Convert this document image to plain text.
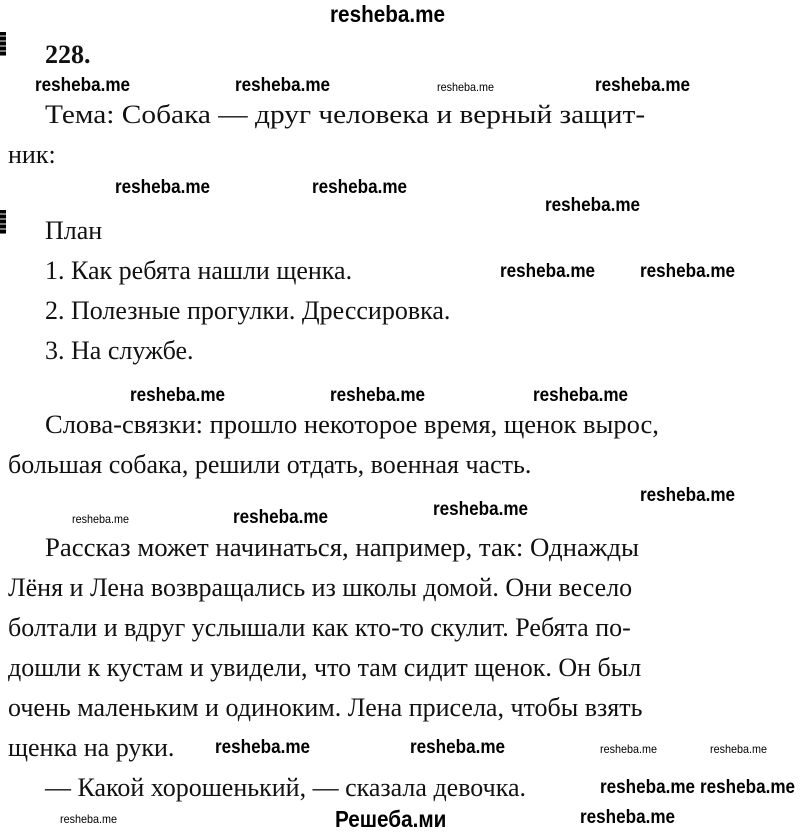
resheba.me
228.
Тема: Собака — друг человека и верный защит-
ник:
План
1. Как ребята нашли щенка.
2. Полезные прогулки. Дрессировка.
3. На службе.
Слова-связки: прошло некоторое время, щенок вырос,
большая собака, решили отдать, военная часть.
Рассказ может начинаться, например, так: Однажды
Лёня и Лена возвращались из школы домой. Они весело
болтали и вдруг услышали как кто-то скулит. Ребята по-
дошли к кустам и увидели, что там сидит щенок. Он был
очень маленьким и одиноким. Лена присела, чтобы взять
щенка на руки.
— Какой хорошенький, — сказала девочка.
resheba.me	resheba.me	resheba.me	resheba.me
resheba.me	resheba.me
resheba.me
resheba.me resheba.me
resheba.me
resheba.me	resheba.me
resheba.me
resheba.me	resheba.me	resheba.me
resheba.me
resheba.me resheba.me
resheba.me	resheba.me
resheba.me
resheba.me	resheba.me
Решеба.ми
